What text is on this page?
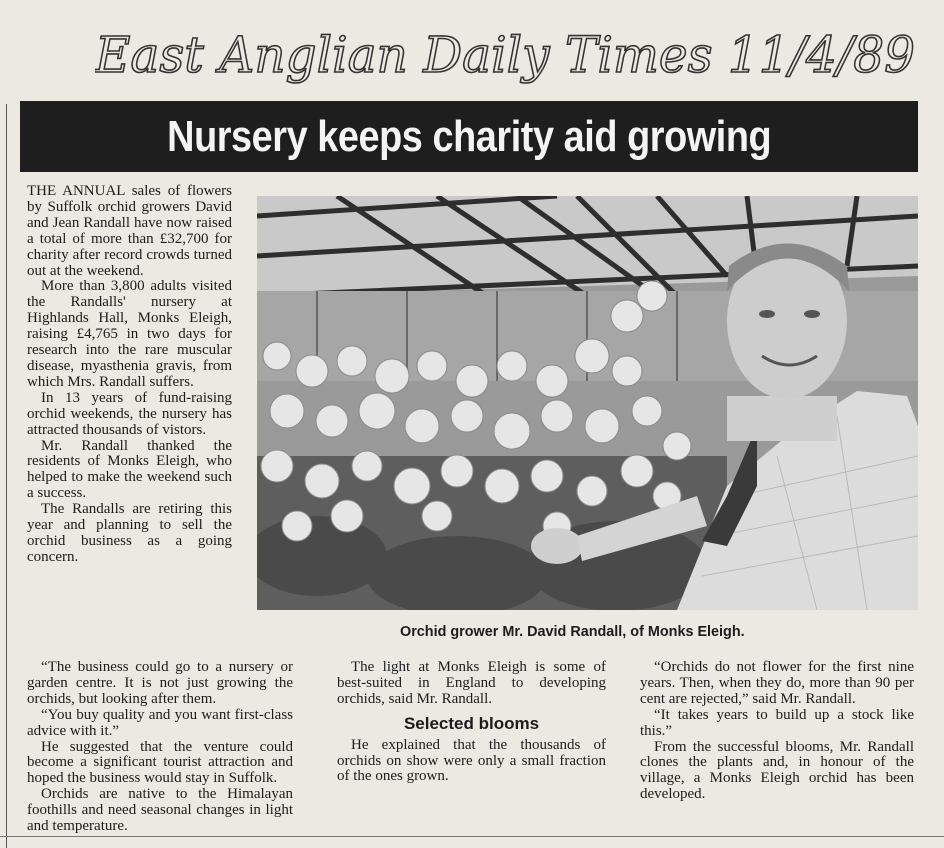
East Anglian Daily Times 11/4/89
Nursery keeps charity aid growing

THE ANNUAL sales of flowers by Suffolk orchid growers David and Jean Randall have now raised a total of more than £32,700 for charity after record crowds turned out at the weekend.

More than 3,800 adults visited the Randalls' nursery at Highlands Hall, Monks Eleigh, raising £4,765 in two days for research into the rare muscular disease, myasthenia gravis, from which Mrs. Randall suffers.

In 13 years of fund-raising orchid weekends, the nursery has attracted thousands of vistors.

Mr. Randall thanked the residents of Monks Eleigh, who helped to make the weekend such a success.

The Randalls are retiring this year and planning to sell the orchid business as a going concern.

Orchid grower Mr. David Randall, of Monks Eleigh.

“The business could go to a nursery or garden centre. It is not just growing the orchids, but looking after them.

“You buy quality and you want first-class advice with it.”

He suggested that the venture could become a significant tourist attraction and hoped the business would stay in Suffolk.

Orchids are native to the Himalayan foothills and need seasonal changes in light and temperature.

The light at Monks Eleigh is some of best-suited in England to developing orchids, said Mr. Randall.

Selected blooms

He explained that the thousands of orchids on show were only a small fraction of the ones grown.

“Orchids do not flower for the first nine years. Then, when they do, more than 90 per cent are rejected,” said Mr. Randall.

“It takes years to build up a stock like this.”

From the successful blooms, Mr. Randall clones the plants and, in honour of the village, a Monks Eleigh orchid has been developed.
